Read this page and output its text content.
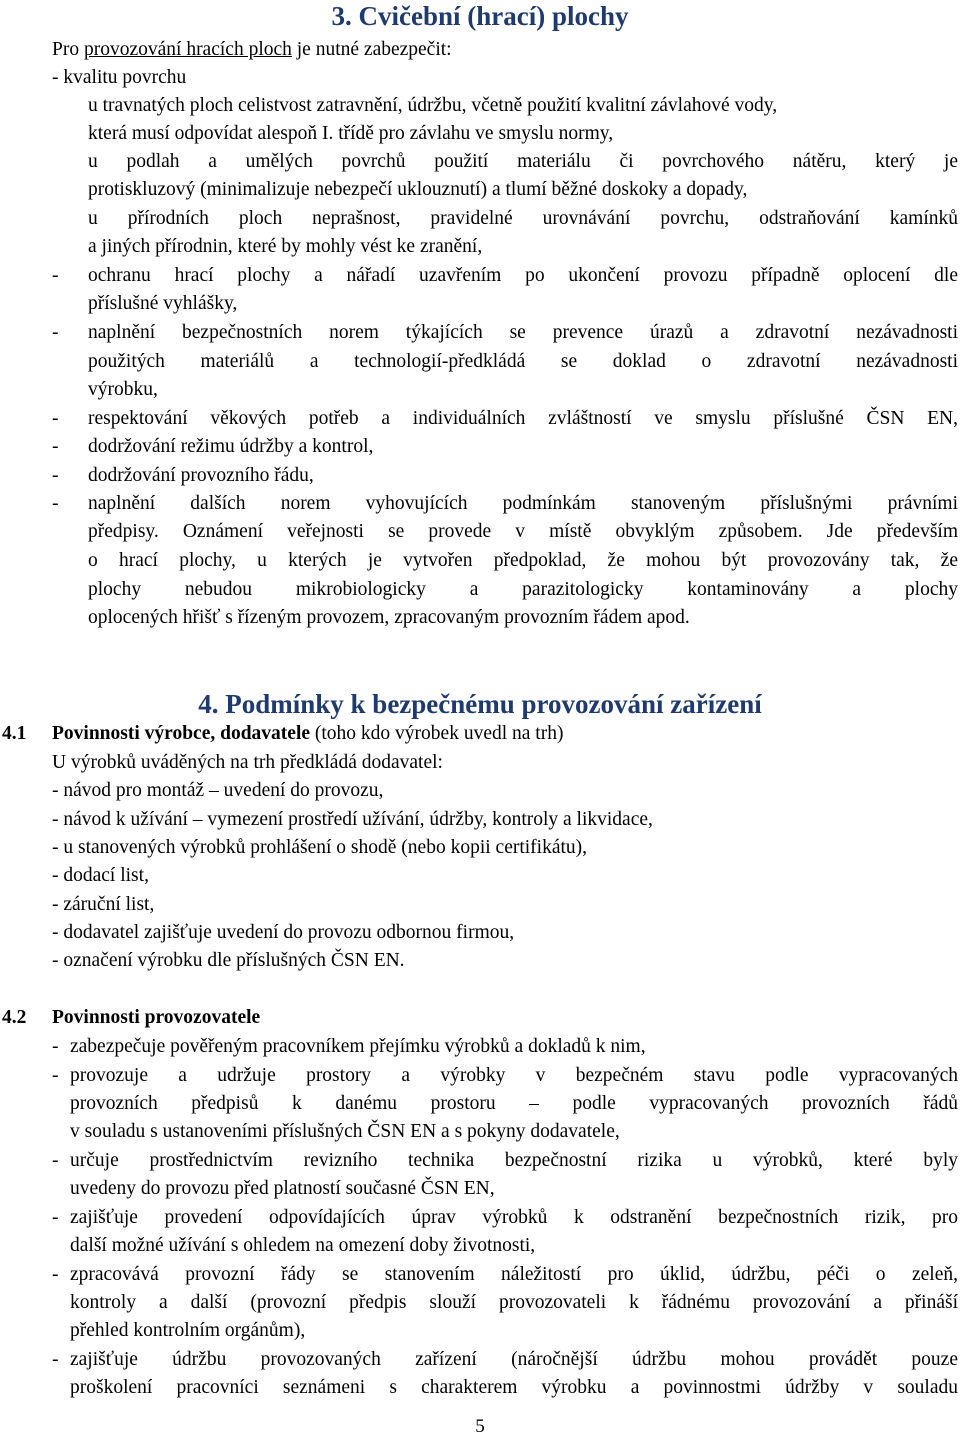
3. Cvičební (hrací) plochy
Pro provozování hracích ploch je nutné zabezpečit:
- kvalitu povrchu
u travnatých ploch celistvost zatravnění, údržbu, včetně použití kvalitní závlahové vody,
která musí odpovídat alespoň I. třídě pro závlahu ve smyslu normy,
u podlah a umělých povrchů použití materiálu či povrchového nátěru, který je
protiskluzový (minimalizuje nebezpečí uklouznutí) a tlumí běžné doskoky a dopady,
u přírodních ploch neprašnost, pravidelné urovnávání povrchu, odstraňování kamínků
a jiných přírodnin, které by mohly vést ke zranění,
- ochranu hrací plochy a nářadí uzavřením po ukončení provozu případně oplocení dle
příslušné vyhlášky,
- naplnění bezpečnostních norem týkajících se prevence úrazů a zdravotní nezávadnosti
použitých materiálů a technologií-předkládá se doklad o zdravotní nezávadnosti
výrobku,
- respektování věkových potřeb a individuálních zvláštností ve smyslu příslušné ČSN EN,
- dodržování režimu údržby a kontrol,
- dodržování provozního řádu,
- naplnění dalších norem vyhovujících podmínkám stanoveným příslušnými právními
předpisy. Oznámení veřejnosti se provede v místě obvyklým způsobem. Jde především
o hrací plochy, u kterých je vytvořen předpoklad, že mohou být provozovány tak, že
plochy nebudou mikrobiologicky a parazitologicky kontaminovány a plochy
oplocených hřišť s řízeným provozem, zpracovaným provozním řádem apod.
4. Podmínky k bezpečnému provozování zařízení
4.1 Povinnosti výrobce, dodavatele (toho kdo výrobek uvedl na trh)
U výrobků uváděných na trh předkládá dodavatel:
- návod pro montáž – uvedení do provozu,
- návod k užívání – vymezení prostředí užívání, údržby, kontroly a likvidace,
- u stanovených výrobků prohlášení o shodě (nebo kopii certifikátu),
- dodací list,
- záruční list,
- dodavatel zajišťuje uvedení do provozu odbornou firmou,
- označení výrobku dle příslušných ČSN EN.
4.2 Povinnosti provozovatele
- zabezpečuje pověřeným pracovníkem přejímku výrobků a dokladů k nim,
- provozuje a udržuje prostory a výrobky v bezpečném stavu podle vypracovaných
provozních předpisů k danému prostoru – podle vypracovaných provozních řádů
v souladu s ustanoveními příslušných ČSN EN a s pokyny dodavatele,
- určuje prostřednictvím revizního technika bezpečnostní rizika u výrobků, které byly
uvedeny do provozu před platností současné ČSN EN,
- zajišťuje provedení odpovídajících úprav výrobků k odstranění bezpečnostních rizik, pro
další možné užívání s ohledem na omezení doby životnosti,
- zpracovává provozní řády se stanovením náležitostí pro úklid, údržbu, péči o zeleň,
kontroly a další (provozní předpis slouží provozovateli k řádnému provozování a přináší
přehled kontrolním orgánům),
- zajišťuje údržbu provozovaných zařízení (náročnější údržbu mohou provádět pouze
proškolení pracovníci seznámeni s charakterem výrobku a povinnostmi údržby v souladu
5
